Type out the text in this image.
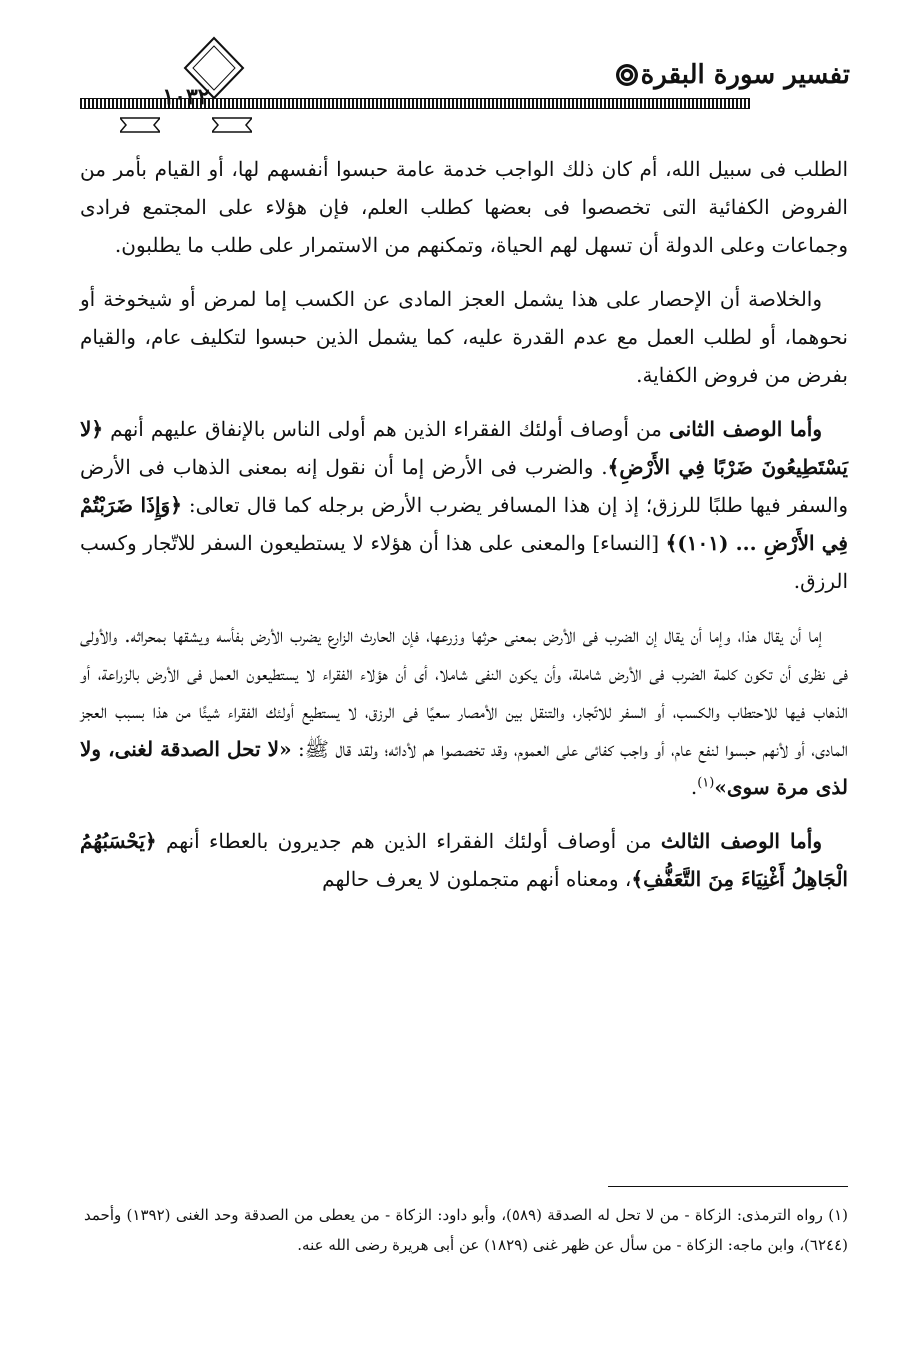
تفسير سورة البقرة
١٠٣٢

الطلب فى سبيل الله، أم كان ذلك الواجب خدمة عامة حبسوا أنفسهم لها، أو القيام بأمر من الفروض الكفائية التى تخصصوا فى بعضها كطلب العلم، فإن هؤلاء على المجتمع فرادى وجماعات وعلى الدولة أن تسهل لهم الحياة، وتمكنهم من الاستمرار على طلب ما يطلبون.

والخلاصة أن الإحصار على هذا يشمل العجز المادى عن الكسب إما لمرض أو شيخوخة أو نحوهما، أو لطلب العمل مع عدم القدرة عليه، كما يشمل الذين حبسوا لتكليف عام، والقيام بفرض من فروض الكفاية.

وأما الوصف الثانى من أوصاف أولئك الفقراء الذين هم أولى الناس بالإنفاق عليهم أنهم ﴿لا يَسْتَطِيعُونَ ضَرْبًا فِي الأَرْضِ﴾. والضرب فى الأرض إما أن نقول إنه بمعنى الذهاب فى الأرض والسفر فيها طلبًا للرزق؛ إذ إن هذا المسافر يضرب الأرض برجله كما قال تعالى: ﴿وَإِذَا ضَرَبْتُمْ فِي الأَرْضِ ... (١٠١)﴾ [النساء] والمعنى على هذا أن هؤلاء لا يستطيعون السفر للاتّجار وكسب الرزق.

إما أن يقال هذا، وإما أن يقال إن الضرب فى الأرض بمعنى حرثها وزرعها، فإن الحارث الزارع يضرب الأرض بفأسه ويشقها بمحراثه. والأولى فى نظرى أن تكون كلمة الضرب فى الأرض شاملة، وأن يكون النفى شاملا، أى أن هؤلاء الفقراء لا يستطيعون العمل فى الأرض بالزراعة، أو الذهاب فيها للاحتطاب والكسب، أو السفر للاتّجار، والتنقل بين الأمصار سعيًا فى الرزق، لا يستطيع أولئك الفقراء شيئًا من هذا بسبب العجز المادى، أو لأنهم حبسوا لنفع عام، أو واجب كفائى على العموم، وقد تخصصوا هم لأدائه؛ ولقد قال ﷺ: «لا تحل الصدقة لغنى، ولا لذى مرة سوى»$^{(١)}$.

وأما الوصف الثالث من أوصاف أولئك الفقراء الذين هم جديرون بالعطاء أنهم ﴿يَحْسَبُهُمُ الْجَاهِلُ أَغْنِيَاءَ مِنَ التَّعَفُّفِ﴾، ومعناه أنهم متجملون لا يعرف حالهم

(١) رواه الترمذى: الزكاة - من لا تحل له الصدقة (٥٨٩)، وأبو داود: الزكاة - من يعطى من الصدقة وحد الغنى (١٣٩٢) وأحمد (٦٢٤٤)، وابن ماجه: الزكاة - من سأل عن ظهر غنى (١٨٢٩) عن أبى هريرة رضى الله عنه.
